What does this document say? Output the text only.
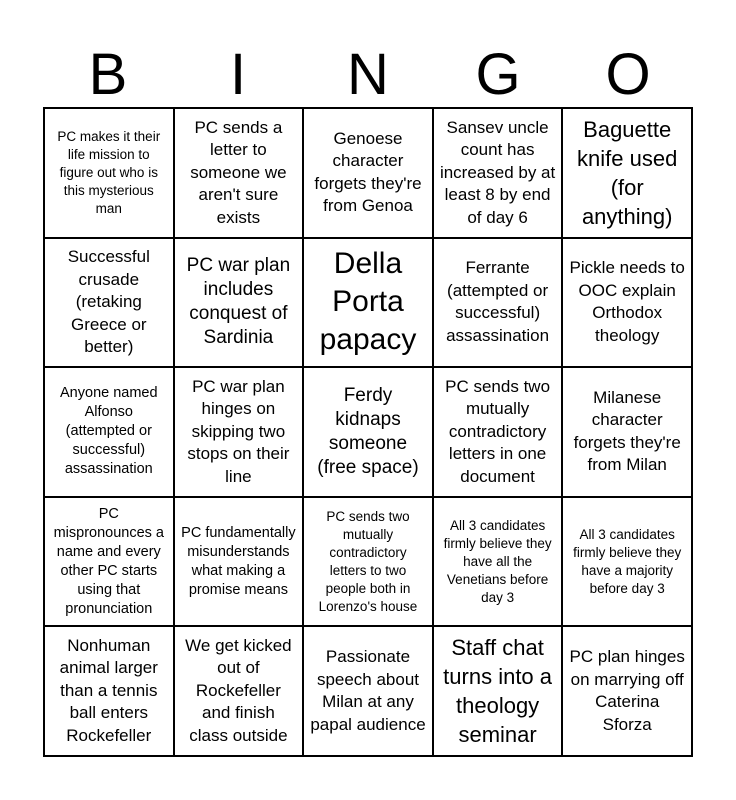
B	I	N	G	O
PC makes it their life mission to figure out who is this mysterious man
PC sends a letter to someone we aren't sure exists
Genoese character forgets they're from Genoa
Sansev uncle count has increased by at least 8 by end of day 6
Baguette knife used (for anything)
Successful crusade (retaking Greece or better)
PC war plan includes conquest of Sardinia
Della Porta papacy
Ferrante (attempted or successful) assassination
Pickle needs to OOC explain Orthodox theology
Anyone named Alfonso (attempted or successful) assassination
PC war plan hinges on skipping two stops on their line
Ferdy kidnaps someone (free space)
PC sends two mutually contradictory letters in one document
Milanese character forgets they're from Milan
PC mispronounces a name and every other PC starts using that pronunciation
PC fundamentally misunderstands what making a promise means
PC sends two mutually contradictory letters to two people both in Lorenzo's house
All 3 candidates firmly believe they have all the Venetians before day 3
All 3 candidates firmly believe they have a majority before day 3
Nonhuman animal larger than a tennis ball enters Rockefeller
We get kicked out of Rockefeller and finish class outside
Passionate speech about Milan at any papal audience
Staff chat turns into a theology seminar
PC plan hinges on marrying off Caterina Sforza
